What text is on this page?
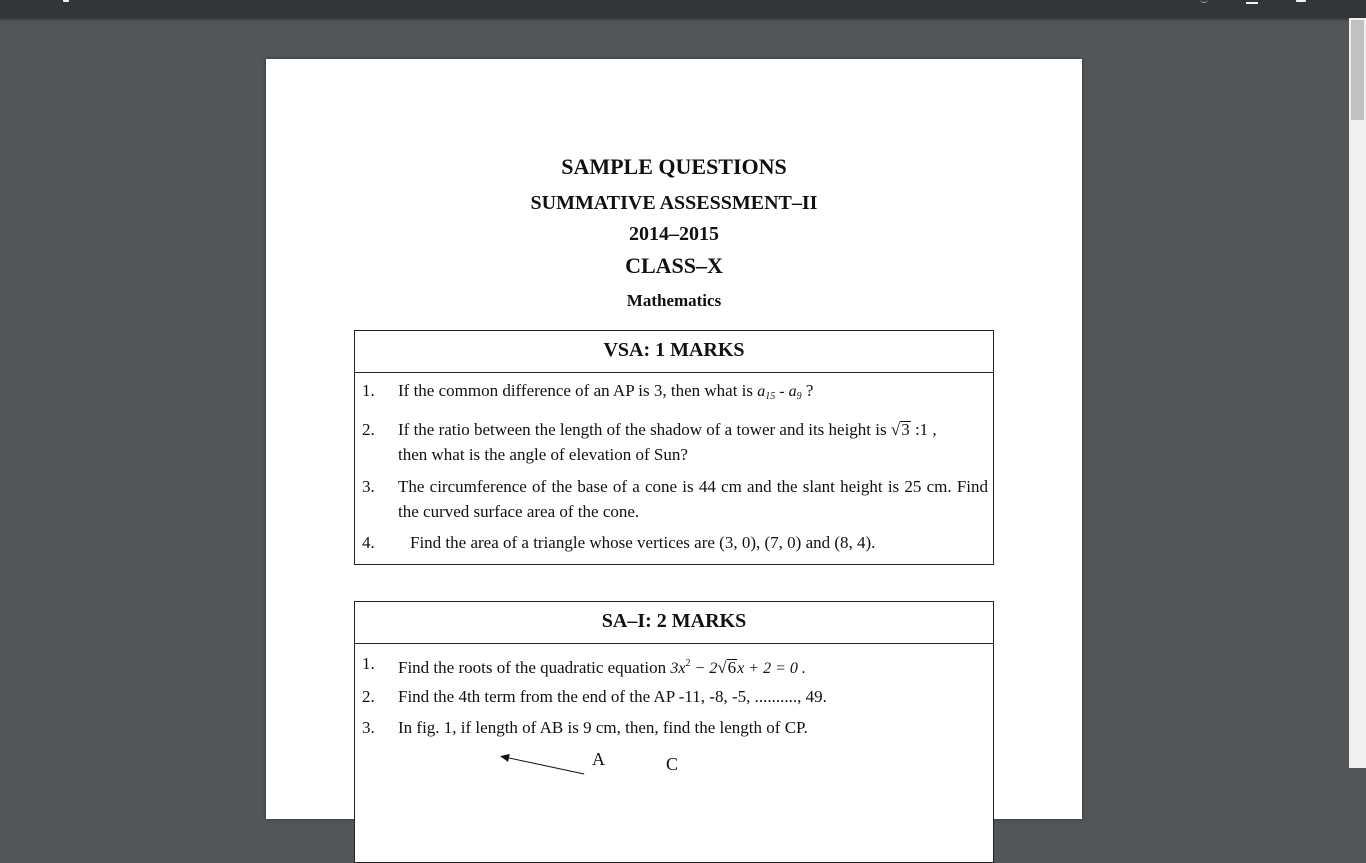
SAMPLE QUESTIONS
SUMMATIVE ASSESSMENT–II
2014–2015
CLASS–X
Mathematics
VSA: 1 MARKS
1. If the common difference of an AP is 3, then what is $a_{15} - a_9$ ?
2. If the ratio between the length of the shadow of a tower and its height is √3 :1 ,
then what is the angle of elevation of Sun?
3. The circumference of the base of a cone is 44 cm and the slant height is 25 cm. Find the curved surface area of the cone.
4. Find the area of a triangle whose vertices are (3, 0), (7, 0) and (8, 4).
SA–I: 2 MARKS
1. Find the roots of the quadratic equation $3x^2 - 2√6x + 2 = 0$ .
2. Find the 4th term from the end of the AP -11, -8, -5, .........., 49.
3. In fig. 1, if length of AB is 9 cm, then, find the length of CP.
A	C
